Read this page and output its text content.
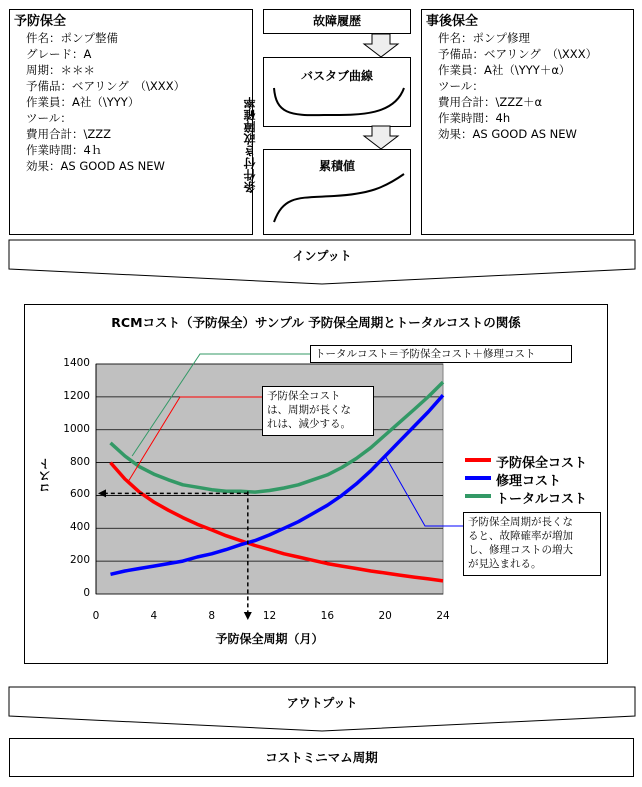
予防保全
件名：ポンプ整備
グレード：A
周期：＊＊＊
予備品：ベアリング　（\XXX）
作業員：A社（\YYY）
ツール：
費用合計：\ZZZ
作業時間：4ｈ
効果：AS GOOD AS NEW
故障履歴
バスタブ曲線
累積値
条件付き故障確率
事後保全
件名：ポンプ修理
予備品：ベアリング　（\XXX）
作業員：A社（\YYY＋α）
ツール：
費用合計：\ZZZ＋α
作業時間：4h
効果：AS GOOD AS NEW
インプット
RCMコスト（予防保全）サンプル 予防保全周期とトータルコストの関係
0
200
400
600
800
1000
1200
1400
0	4	8	12	16	20	24
コスト
予防保全周期（月）
予防保全コスト
修理コスト
トータルコスト
トータルコスト＝予防保全コスト＋修理コスト
予防保全コスト
は、周期が長くな
れは、減少する。
予防保全周期が長くな
ると、故障確率が増加
し、修理コストの増大
が見込まれる。
アウトプット
コストミニマム周期
